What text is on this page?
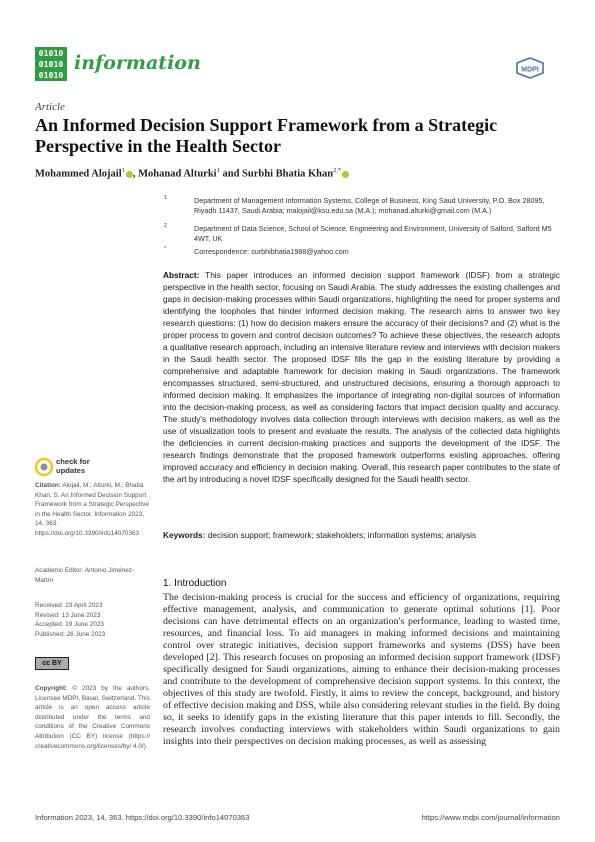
01010
01010
01010
information	MDPI
Article
An Informed Decision Support Framework from a Strategic Perspective in the Health Sector
Mohammed Alojail$^1$ , Mohanad Alturki$^1$ and Surbhi Bhatia Khan$^{2,*}$
1	Department of Management Information Systems, College of Business, King Saud University, P.O. Box 28095, Riyadh 11437, Saudi Arabia; malojail@ksu.edu.sa (M.A.); mohanad.alturki@gmail.com (M.A.)
2	Department of Data Science, School of Science, Engineering and Environment, University of Salford, Salford M5 4WT, UK
*	Correspondence: surbhibhatia1988@yahoo.com
Abstract: This paper introduces an informed decision support framework (IDSF) from a strategic perspective in the health sector, focusing on Saudi Arabia. The study addresses the existing challenges and gaps in decision-making processes within Saudi organizations, highlighting the need for proper systems and identifying the loopholes that hinder informed decision making. The research aims to answer two key research questions: (1) how do decision makers ensure the accuracy of their decisions? and (2) what is the proper process to govern and control decision outcomes? To achieve these objectives, the research adopts a qualitative research approach, including an intensive literature review and interviews with decision makers in the Saudi health sector. The proposed IDSF fills the gap in the existing literature by providing a comprehensive and adaptable framework for decision making in Saudi organizations. The framework encompasses structured, semi-structured, and unstructured decisions, ensuring a thorough approach to informed decision making. It emphasizes the importance of integrating non-digital sources of information into the decision-making process, as well as considering factors that impact decision quality and accuracy. The study's methodology involves data collection through interviews with decision makers, as well as the use of visualization tools to present and evaluate the results. The analysis of the collected data highlights the deficiencies in current decision-making practices and supports the development of the IDSF. The research findings demonstrate that the proposed framework outperforms existing approaches, offering improved accuracy and efficiency in decision making. Overall, this research paper contributes to the state of the art by introducing a novel IDSF specifically designed for the Saudi health sector.
Keywords: decision support; framework; stakeholders; information systems; analysis
check for
updates
Citation: Alojail, M.; Alturki, M.; Bhatia Khan, S. An Informed Decision Support Framework from a Strategic Perspective in the Health Sector. Information 2023, 14, 363. https://doi.org/10.3390/info14070363
Academic Editor: Antonio Jiménez-Martín
Received: 23 April 2023
Revised: 13 June 2023
Accepted: 19 June 2023
Published: 26 June 2023
cc BY
Copyright: © 2023 by the authors. Licensee MDPI, Basel, Switzerland. This article is an open access article distributed under the terms and conditions of the Creative Commons Attribution (CC BY) license (https:// creativecommons.org/licenses/by/ 4.0/).
1. Introduction
The decision-making process is crucial for the success and efficiency of organizations, requiring effective management, analysis, and communication to generate optimal solutions [1]. Poor decisions can have detrimental effects on an organization's performance, leading to wasted time, resources, and financial loss. To aid managers in making informed decisions and maintaining control over strategic initiatives, decision support frameworks and systems (DSS) have been developed [2]. This research focuses on proposing an informed decision support framework (IDSF) specifically designed for Saudi organizations, aiming to enhance their decision-making processes and contribute to the development of comprehensive decision support systems. In this context, the objectives of this study are twofold. Firstly, it aims to review the concept, background, and history of effective decision making and DSS, while also considering relevant studies in the field. By doing so, it seeks to identify gaps in the existing literature that this paper intends to fill. Secondly, the research involves conducting interviews with stakeholders within Saudi organizations to gain insights into their perspectives on decision making processes, as well as assessing
Information 2023, 14, 363. https://doi.org/10.3390/info14070363	https://www.mdpi.com/journal/information
